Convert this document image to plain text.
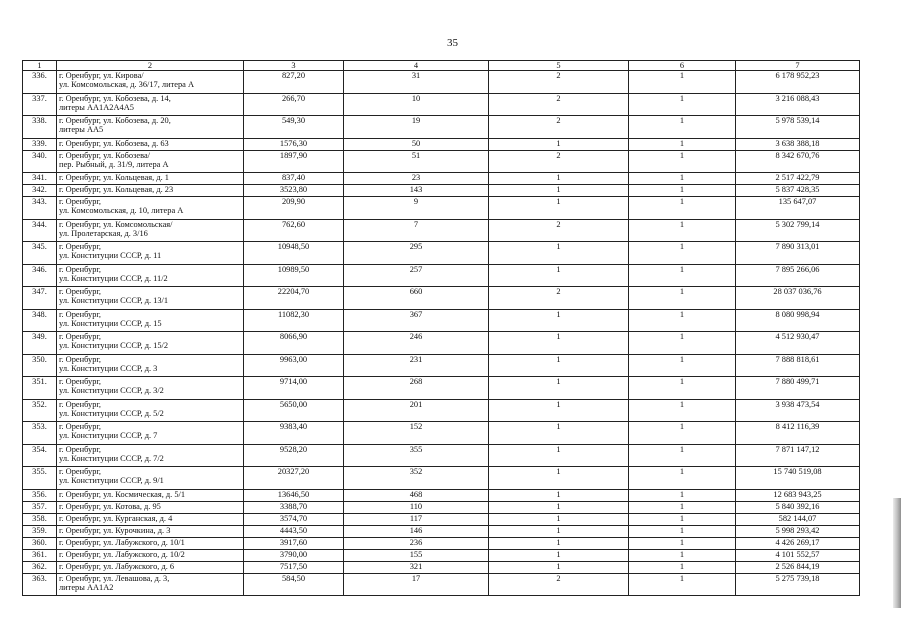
35
1	2	3	4	5	6	7
336.	г. Оренбург, ул. Кирова/
ул. Комсомольская, д. 36/17, литера А	827,20	31	2	1	6 178 952,23
337.	г. Оренбург, ул. Кобозева, д. 14,
литеры АА1А2А4А5	266,70	10	2	1	3 216 088,43
338.	г. Оренбург, ул. Кобозева, д. 20,
литеры АА5	549,30	19	2	1	5 978 539,14
339.	г. Оренбург, ул. Кобозева, д. 63	1576,30	50	1	1	3 638 388,18
340.	г. Оренбург, ул. Кобозева/
пер. Рыбный, д. 31/9, литера А	1897,90	51	2	1	8 342 670,76
341.	г. Оренбург, ул. Кольцевая, д. 1	837,40	23	1	1	2 517 422,79
342.	г. Оренбург, ул. Кольцевая, д. 23	3523,80	143	1	1	5 837 428,35
343.	г. Оренбург,
ул. Комсомольская, д. 10, литера А	209,90	9	1	1	135 647,07
344.	г. Оренбург, ул. Комсомольская/
ул. Пролетарская, д. 3/16	762,60	7	2	1	5 302 799,14
345.	г. Оренбург,
ул. Конституции СССР, д. 11	10948,50	295	1	1	7 890 313,01
346.	г. Оренбург,
ул. Конституции СССР, д. 11/2	10989,50	257	1	1	7 895 266,06
347.	г. Оренбург,
ул. Конституции СССР, д. 13/1	22204,70	660	2	1	28 037 036,76
348.	г. Оренбург,
ул. Конституции СССР, д. 15	11082,30	367	1	1	8 080 998,94
349.	г. Оренбург,
ул. Конституции СССР, д. 15/2	8066,90	246	1	1	4 512 930,47
350.	г. Оренбург,
ул. Конституции СССР, д. 3	9963,00	231	1	1	7 888 818,61
351.	г. Оренбург,
ул. Конституции СССР, д. 3/2	9714,00	268	1	1	7 880 499,71
352.	г. Оренбург,
ул. Конституции СССР, д. 5/2	5650,00	201	1	1	3 938 473,54
353.	г. Оренбург,
ул. Конституции СССР, д. 7	9383,40	152	1	1	8 412 116,39
354.	г. Оренбург,
ул. Конституции СССР, д. 7/2	9528,20	355	1	1	7 871 147,12
355.	г. Оренбург,
ул. Конституции СССР, д. 9/1	20327,20	352	1	1	15 740 519,08
356.	г. Оренбург, ул. Космическая, д. 5/1	13646,50	468	1	1	12 683 943,25
357.	г. Оренбург, ул. Котова, д. 95	3388,70	110	1	1	5 840 392,16
358.	г. Оренбург, ул. Курганская, д. 4	3574,70	117	1	1	582 144,07
359.	г. Оренбург, ул. Курочкина, д. 3	4443,50	146	1	1	5 998 293,42
360.	г. Оренбург, ул. Лабужского, д. 10/1	3917,60	236	1	1	4 426 269,17
361.	г. Оренбург, ул. Лабужского, д. 10/2	3790,00	155	1	1	4 101 552,57
362.	г. Оренбург, ул. Лабужского, д. 6	7517,50	321	1	1	2 526 844,19
363.	г. Оренбург, ул. Левашова, д. 3,
литеры АА1А2	584,50	17	2	1	5 275 739,18
